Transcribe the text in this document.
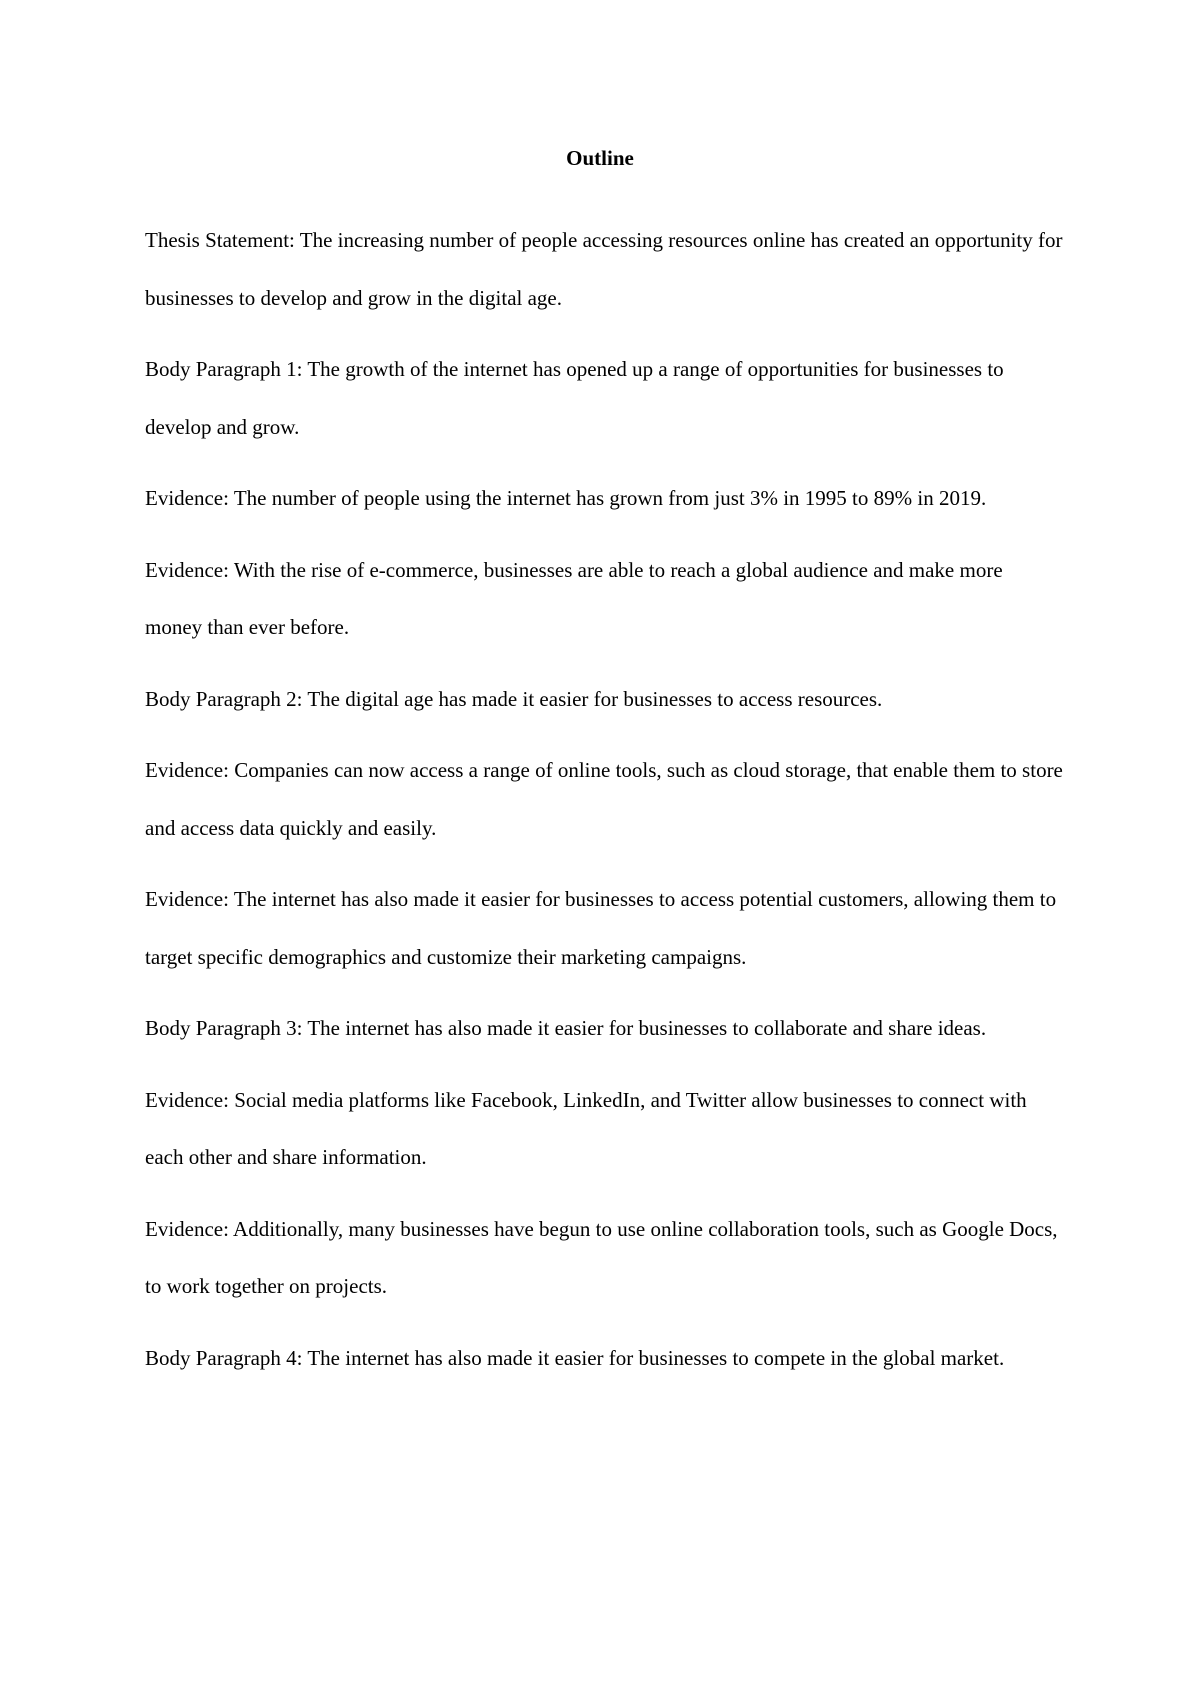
Outline

Thesis Statement: The increasing number of people accessing resources online has created an opportunity for businesses to develop and grow in the digital age.

Body Paragraph 1: The growth of the internet has opened up a range of opportunities for businesses to develop and grow.

Evidence: The number of people using the internet has grown from just 3% in 1995 to 89% in 2019.

Evidence: With the rise of e-commerce, businesses are able to reach a global audience and make more money than ever before.

Body Paragraph 2: The digital age has made it easier for businesses to access resources.

Evidence: Companies can now access a range of online tools, such as cloud storage, that enable them to store and access data quickly and easily.

Evidence: The internet has also made it easier for businesses to access potential customers, allowing them to target specific demographics and customize their marketing campaigns.

Body Paragraph 3: The internet has also made it easier for businesses to collaborate and share ideas.

Evidence: Social media platforms like Facebook, LinkedIn, and Twitter allow businesses to connect with each other and share information.

Evidence: Additionally, many businesses have begun to use online collaboration tools, such as Google Docs, to work together on projects.

Body Paragraph 4: The internet has also made it easier for businesses to compete in the global market.
